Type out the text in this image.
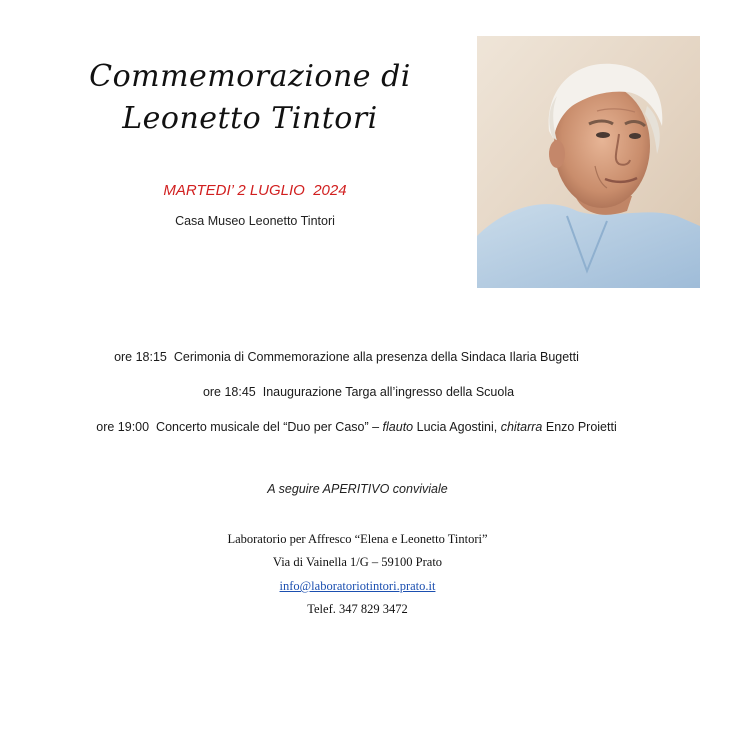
Commemorazione di
Leonetto Tintori
MARTEDI’ 2 LUGLIO  2024
Casa Museo Leonetto Tintori
ore 18:15 Cerimonia di Commemorazione alla presenza della Sindaca Ilaria Bugetti
ore 18:45 Inaugurazione Targa all’ingresso della Scuola
ore 19:00 Concerto musicale del “Duo per Caso” – flauto Lucia Agostini, chitarra Enzo Proietti
A seguire APERITIVO conviviale
Laboratorio per Affresco “Elena e Leonetto Tintori”
Via di Vainella 1/G – 59100 Prato
info@laboratoriotintori.prato.it
Telef. 347 829 3472
